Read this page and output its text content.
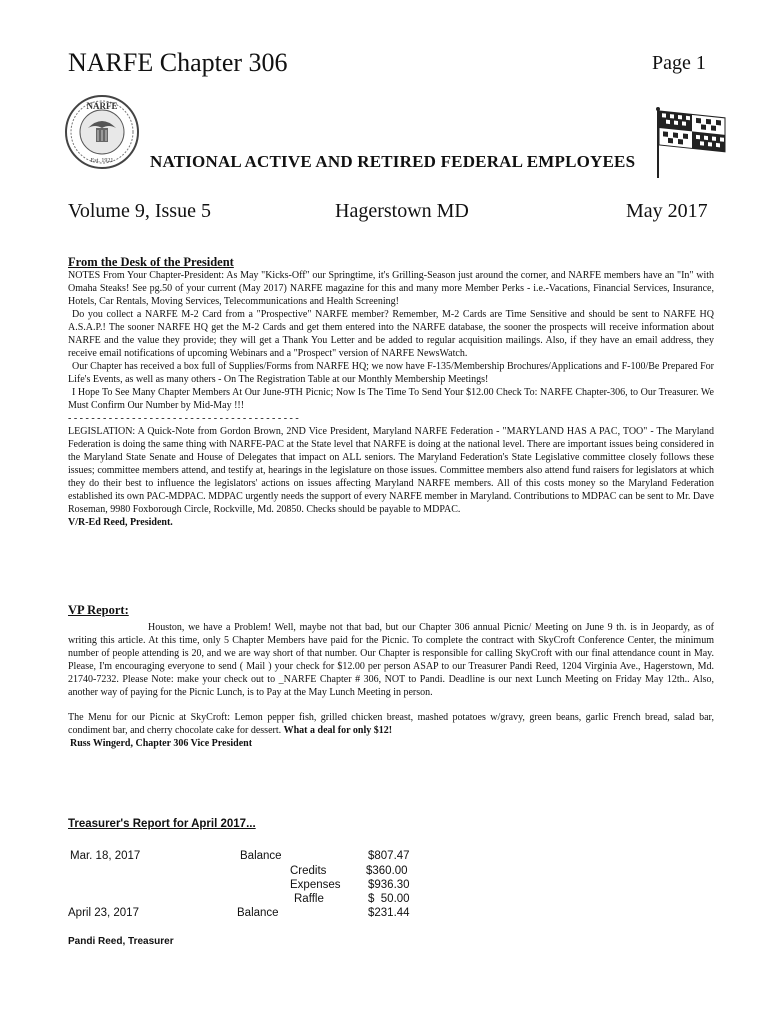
NARFE Chapter 306	Page 1
NARFE
Est. 1921 NATIONAL ACTIVE AND RETIRED FEDERAL EMPLOYEES
Volume 9, Issue 5	Hagerstown MD	May 2017
From the Desk of the President

NOTES From Your Chapter-President: As May "Kicks-Off" our Springtime, it's Grilling-Season just around the corner, and NARFE members have an "In" with Omaha Steaks! See pg.50 of your current (May 2017) NARFE magazine for this and many more Member Perks - i.e.-Vacations, Financial Services, Insurance, Hotels, Car Rentals, Moving Services, Telecommunications and Health Screening!

Do you collect a NARFE M-2 Card from a "Prospective" NARFE member? Remember, M-2 Cards are Time Sensitive and should be sent to NARFE HQ A.S.A.P.! The sooner NARFE HQ get the M-2 Cards and get them entered into the NARFE database, the sooner the prospects will receive information about NARFE and the value they provide; they will get a Thank You Letter and be added to regular acquisition mailings. Also, if they have an email address, they receive email notifications of upcoming Webinars and a "Prospect" version of NARFE NewsWatch.

Our Chapter has received a box full of Supplies/Forms from NARFE HQ; we now have F-135/Membership Brochures/Applications and F-100/Be Prepared For Life's Events, as well as many others - On The Registration Table at our Monthly Membership Meetings!

I Hope To See Many Chapter Members At Our June-9TH Picnic; Now Is The Time To Send Your $12.00 Check To: NARFE Chapter-306, to Our Treasurer. We Must Confirm Our Number by Mid-May !!!

- - - - - - - - - - - - - - - - - - - - - - - - - - - - - - - - - - - - - - - -

LEGISLATION: A Quick-Note from Gordon Brown, 2ND Vice President, Maryland NARFE Federation - "MARYLAND HAS A PAC, TOO" - The Maryland Federation is doing the same thing with NARFE-PAC at the State level that NARFE is doing at the national level. There are important issues being considered in the Maryland State Senate and House of Delegates that impact on ALL seniors. The Maryland Federation's State Legislative committee closely follows these issues; committee members attend, and testify at, hearings in the legislature on those issues. Committee members also attend fund raisers for legislators at which they do their best to influence the legislators' actions on issues affecting Maryland NARFE members. All of this costs money so the Maryland Federation established its own PAC-MDPAC. MDPAC urgently needs the support of every NARFE member in Maryland. Contributions to MDPAC can be sent to Mr. Dave Roseman, 9980 Foxborough Circle, Rockville, Md. 20850. Checks should be payable to MDPAC.

V/R-Ed Reed, President.

VP Report:

Houston, we have a Problem! Well, maybe not that bad, but our Chapter 306 annual Picnic/ Meeting on June 9 th. is in Jeopardy, as of writing this article. At this time, only 5 Chapter Members have paid for the Picnic. To complete the contract with SkyCroft Conference Center, the minimum number of people attending is 20, and we are way short of that number. Our Chapter is responsible for calling SkyCroft with our final attendance count in May. Please, I'm encouraging everyone to send ( Mail ) your check for $12.00 per person ASAP to our Treasurer Pandi Reed, 1204 Virginia Ave., Hagerstown, Md. 21740-7232. Please Note: make your check out to _NARFE Chapter # 306, NOT to Pandi. Deadline is our next Lunch Meeting on Friday May 12th.. Also, another way of paying for the Picnic Lunch, is to Pay at the May Lunch Meeting in person.

The Menu for our Picnic at SkyCroft: Lemon pepper fish, grilled chicken breast, mashed potatoes w/gravy, green beans, garlic French bread, salad bar, condiment bar, and cherry chocolate cake for dessert. What a deal for only $12!

Russ Wingerd, Chapter 306 Vice President

Treasurer's Report for April 2017...
Mar. 18, 2017	Balance	$807.47
Credits	$360.00
Expenses $936.30
Raffle	$  50.00
April 23, 2017	Balance	$231.44
Pandi Reed, Treasurer
